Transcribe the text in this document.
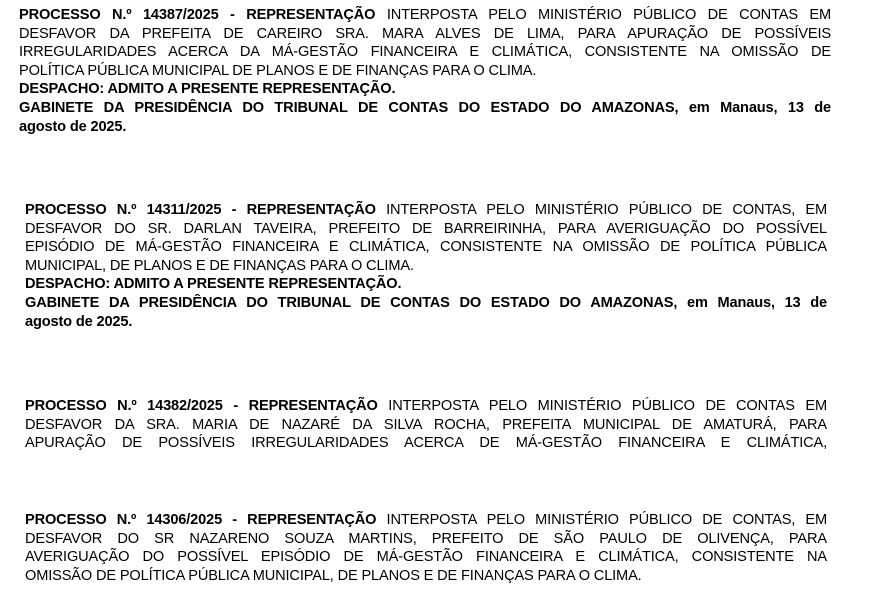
PROCESSO N.º 14387/2025 - REPRESENTAÇÃO INTERPOSTA PELO MINISTÉRIO PÚBLICO DE CONTAS EM
DESFAVOR DA PREFEITA DE CAREIRO SRA. MARA ALVES DE LIMA, PARA APURAÇÃO DE POSSÍVEIS
IRREGULARIDADES ACERCA DA MÁ-GESTÃO FINANCEIRA E CLIMÁTICA, CONSISTENTE NA OMISSÃO DE
POLÍTICA PÚBLICA MUNICIPAL DE PLANOS E DE FINANÇAS PARA O CLIMA.
DESPACHO: ADMITO A PRESENTE REPRESENTAÇÃO.
GABINETE DA PRESIDÊNCIA DO TRIBUNAL DE CONTAS DO ESTADO DO AMAZONAS, em Manaus, 13 de
agosto de 2025.
PROCESSO N.º 14311/2025 - REPRESENTAÇÃO INTERPOSTA PELO MINISTÉRIO PÚBLICO DE CONTAS, EM
DESFAVOR DO SR. DARLAN TAVEIRA, PREFEITO DE BARREIRINHA, PARA AVERIGUAÇÃO DO POSSÍVEL
EPISÓDIO DE MÁ-GESTÃO FINANCEIRA E CLIMÁTICA, CONSISTENTE NA OMISSÃO DE POLÍTICA PÚBLICA
MUNICIPAL, DE PLANOS E DE FINANÇAS PARA O CLIMA.
DESPACHO: ADMITO A PRESENTE REPRESENTAÇÃO.
GABINETE DA PRESIDÊNCIA DO TRIBUNAL DE CONTAS DO ESTADO DO AMAZONAS, em Manaus, 13 de
agosto de 2025.
PROCESSO N.º 14382/2025 - REPRESENTAÇÃO INTERPOSTA PELO MINISTÉRIO PÚBLICO DE CONTAS EM
DESFAVOR DA SRA. MARIA DE NAZARÉ DA SILVA ROCHA, PREFEITA MUNICIPAL DE AMATURÁ, PARA
APURAÇÃO DE POSSÍVEIS IRREGULARIDADES ACERCA DE MÁ-GESTÃO FINANCEIRA E CLIMÁTICA,
PROCESSO N.º 14306/2025 - REPRESENTAÇÃO INTERPOSTA PELO MINISTÉRIO PÚBLICO DE CONTAS, EM
DESFAVOR DO SR NAZARENO SOUZA MARTINS, PREFEITO DE SÃO PAULO DE OLIVENÇA, PARA
AVERIGUAÇÃO DO POSSÍVEL EPISÓDIO DE MÁ-GESTÃO FINANCEIRA E CLIMÁTICA, CONSISTENTE NA
OMISSÃO DE POLÍTICA PÚBLICA MUNICIPAL, DE PLANOS E DE FINANÇAS PARA O CLIMA.
